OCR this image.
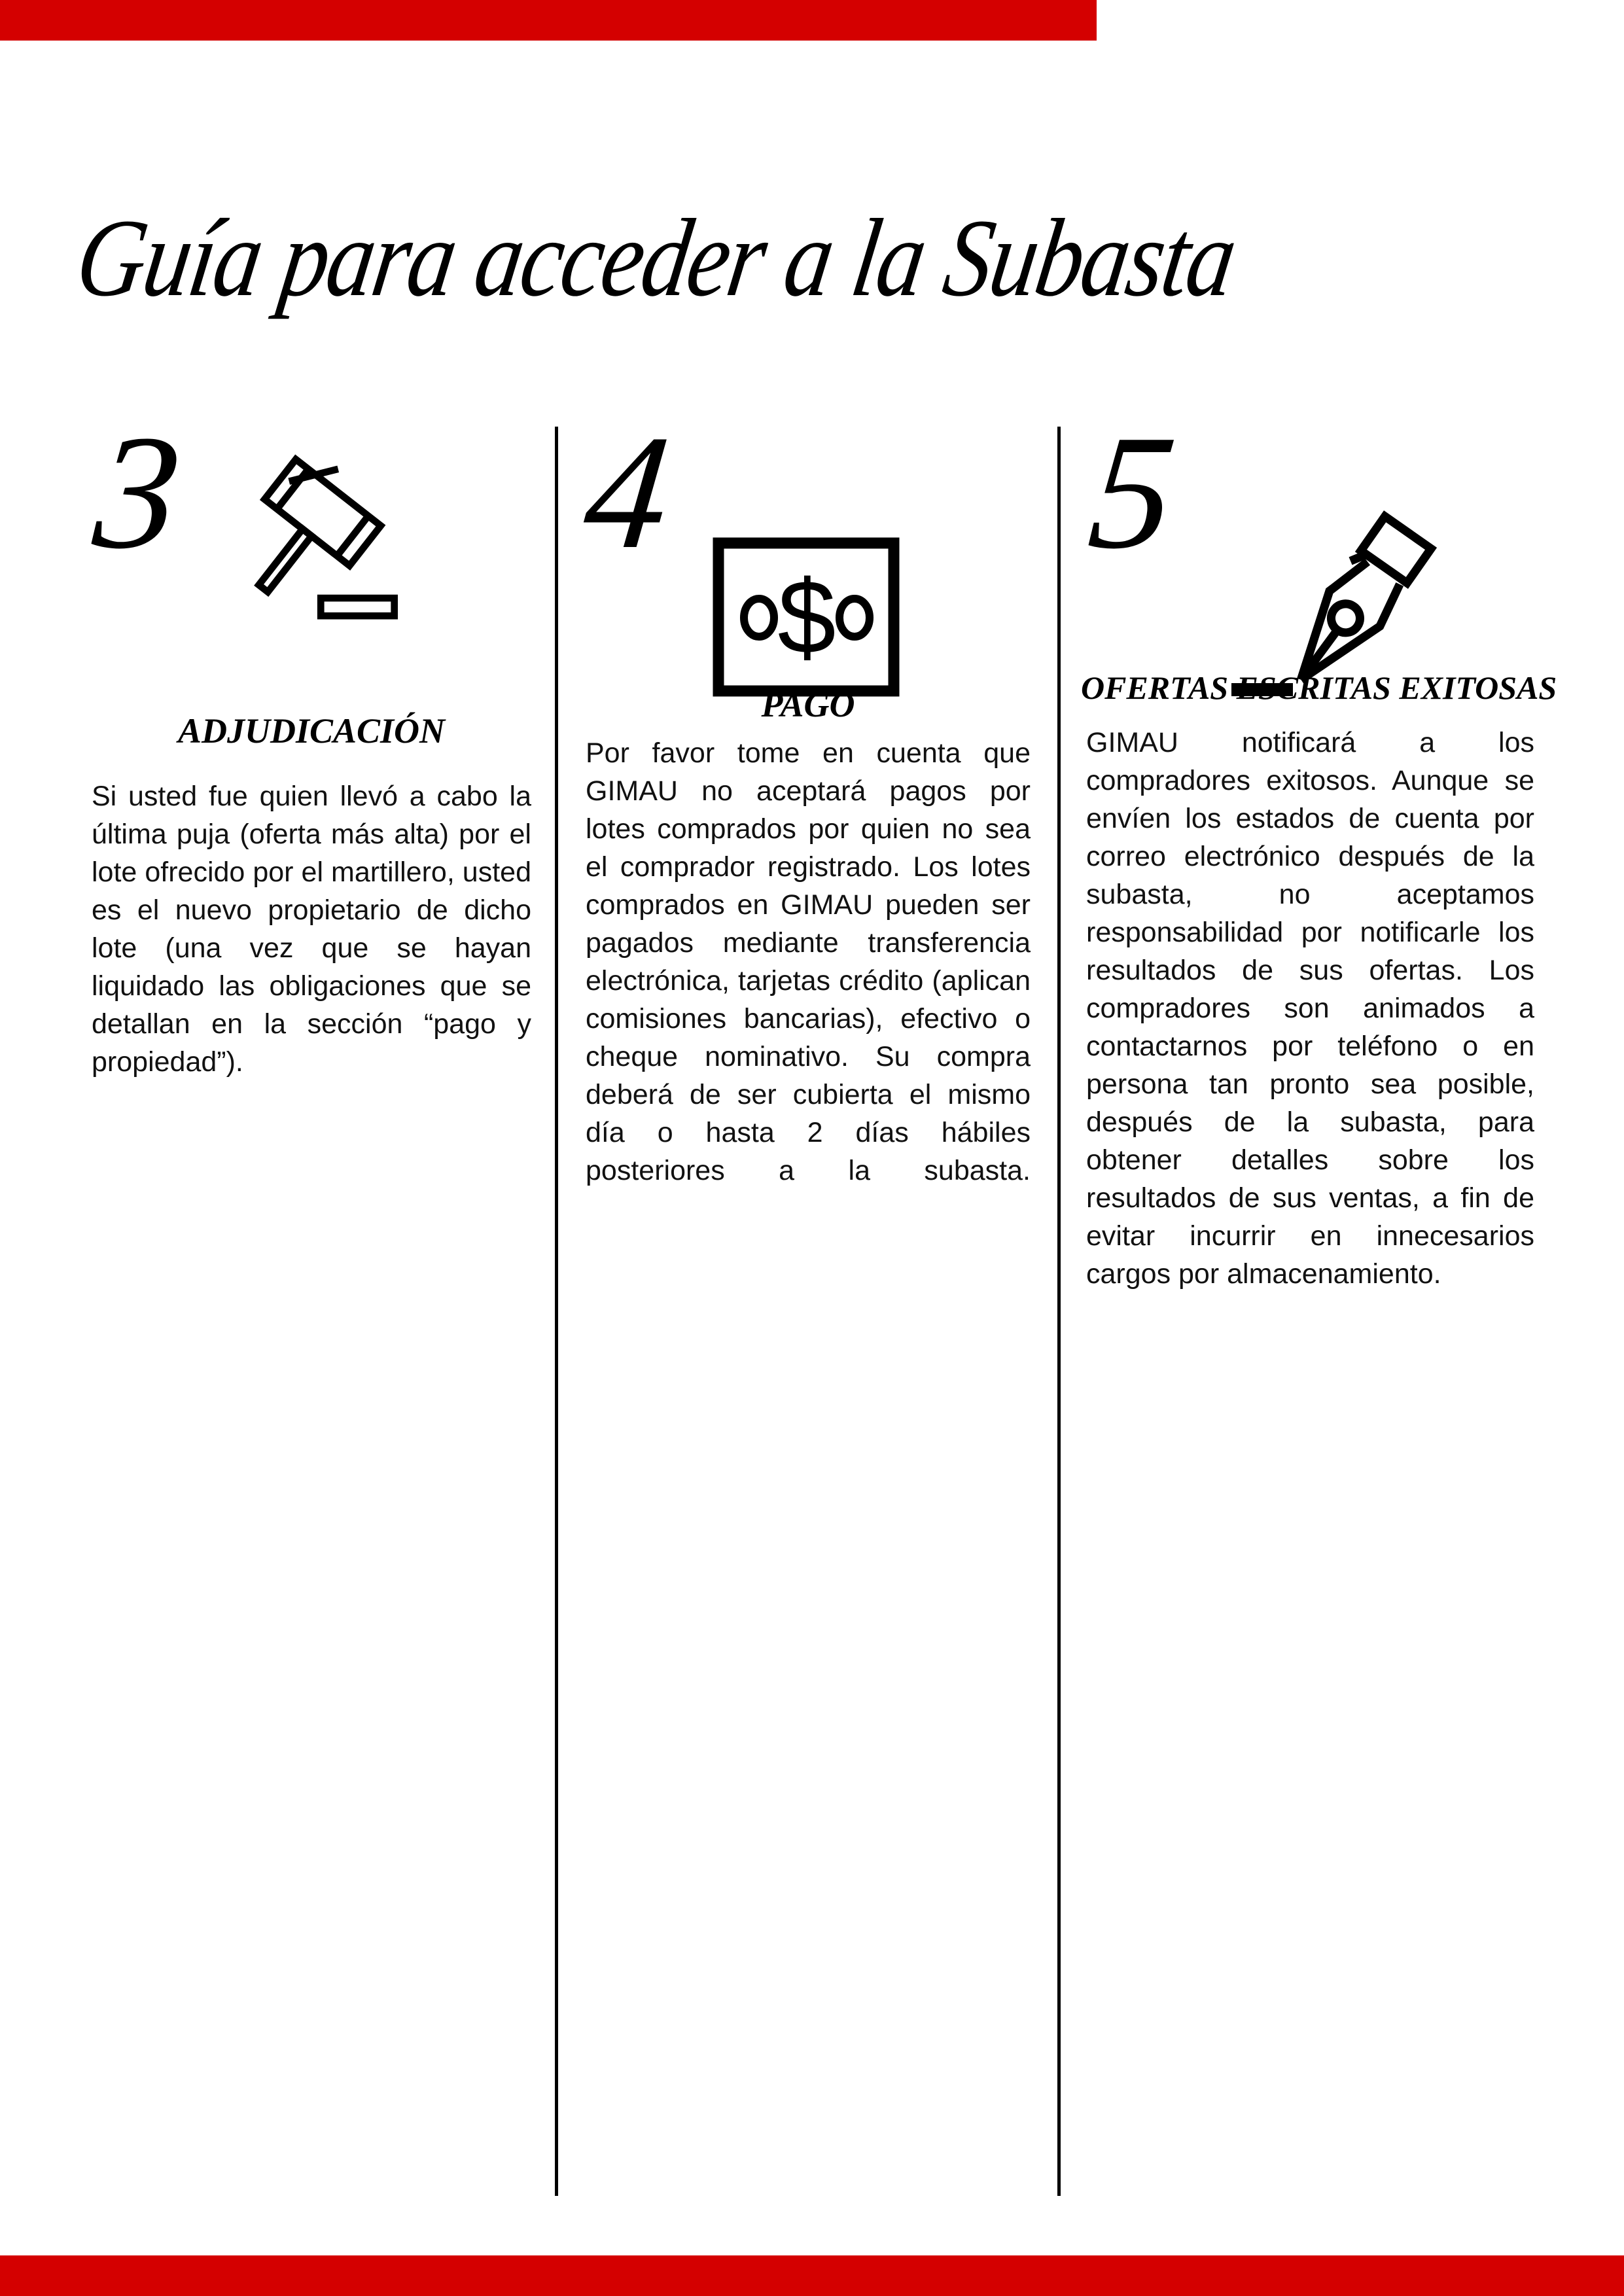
Guía para acceder a la Subasta
3
ADJUDICACIÓN

Si usted fue quien llevó a cabo la última puja (oferta más alta) por el lote ofrecido por el martillero, usted es el nuevo propietario de dicho lote (una vez que se hayan liquidado las obligaciones que se detallan en la sección “pago y propiedad”).

4
$
PAGO

Por favor tome en cuenta que GIMAU no aceptará pagos por lotes comprados por quien no sea el comprador registrado. Los lotes comprados en GIMAU pueden ser pagados mediante transferencia electrónica, tarjetas crédito (aplican comisiones bancarias), efectivo o cheque nominativo. Su compra deberá de ser cubierta el mismo día o hasta 2 días hábiles posteriores a la subasta.

5
OFERTAS ESCRITAS EXITOSAS

GIMAU notificará a los compradores exitosos. Aunque se envíen los estados de cuenta por correo electrónico después de la subasta, no aceptamos responsabilidad por notificarle los resultados de sus ofertas. Los compradores son animados a contactarnos por teléfono o en persona tan pronto sea posible, después de la subasta, para obtener detalles sobre los resultados de sus ventas, a fin de evitar incurrir en innecesarios cargos por almacenamiento.
